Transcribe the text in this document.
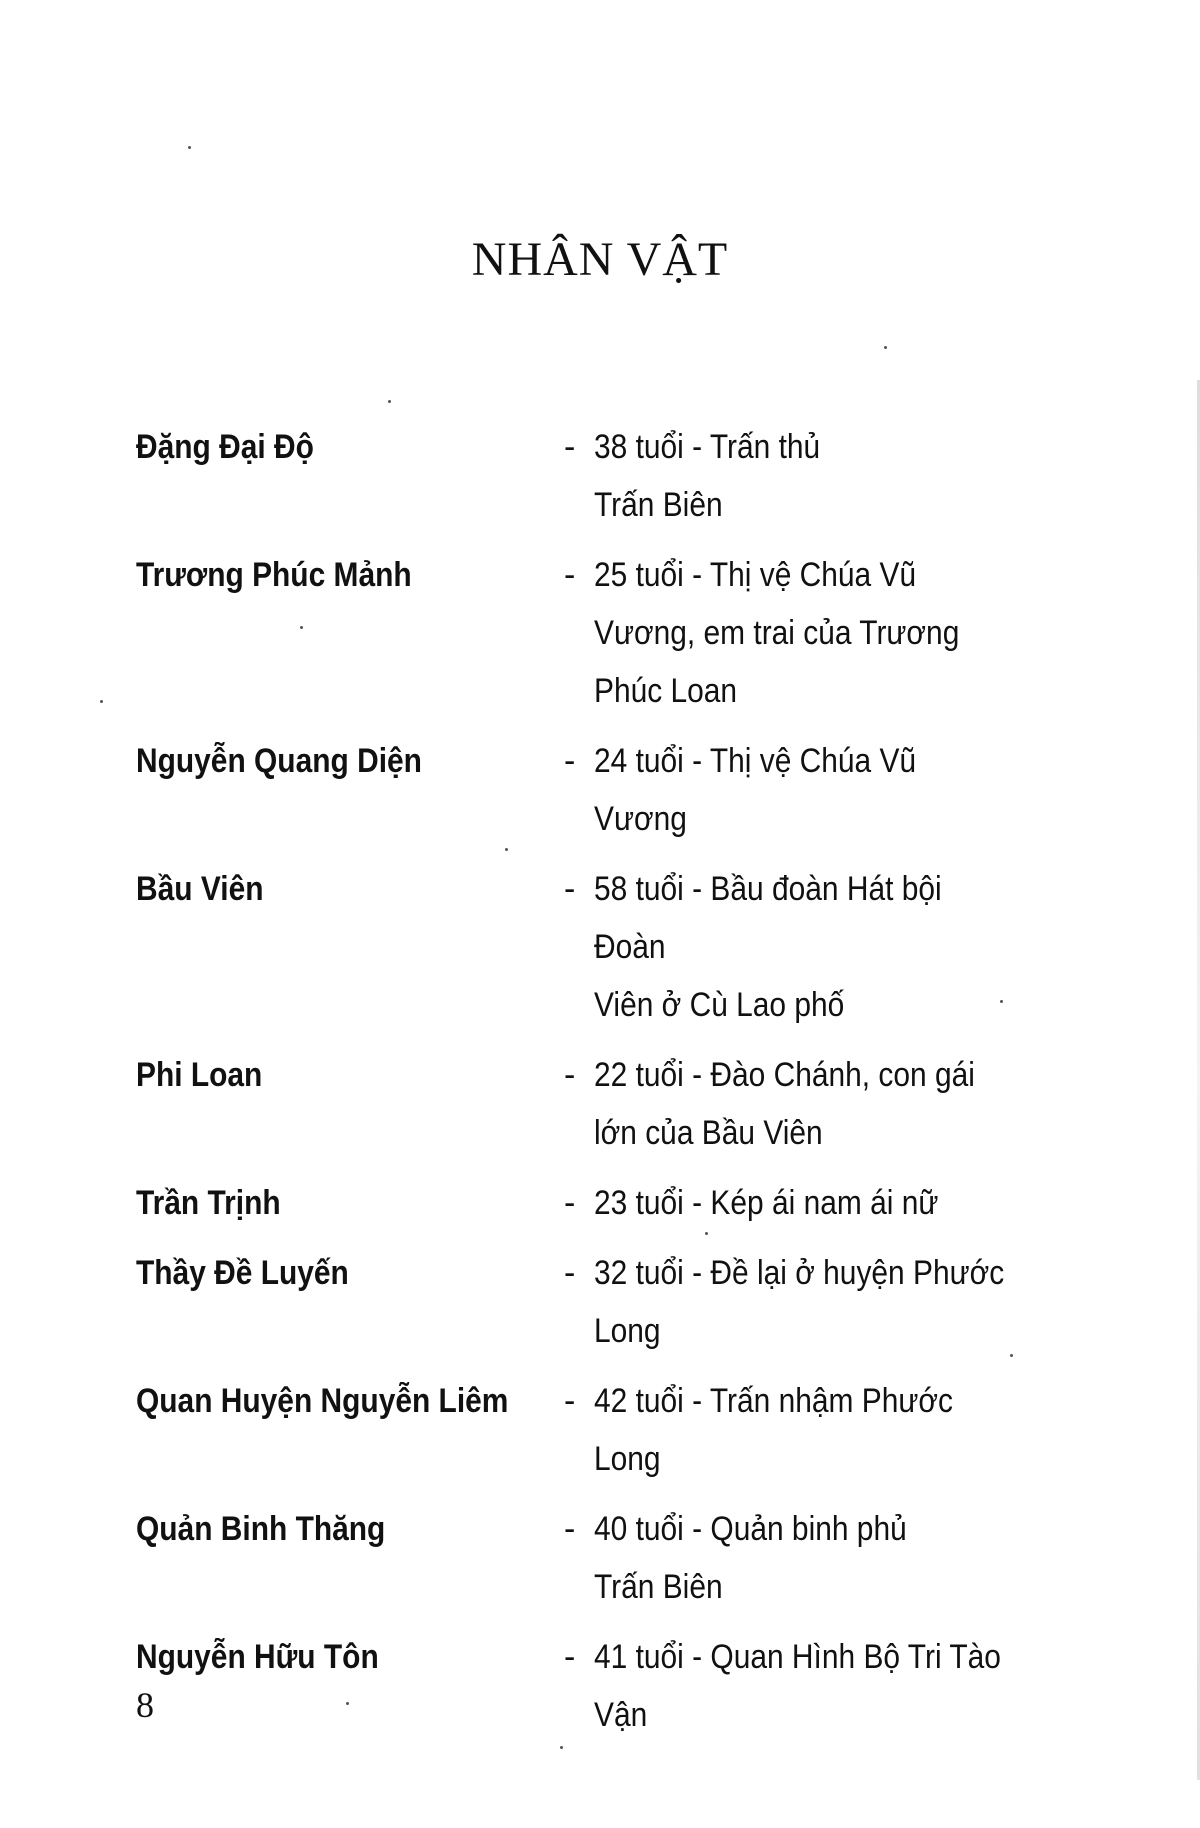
NHÂN VẬT
Đặng Đại Độ	- 38 tuổi - Trấn thủ
Trấn Biên
Trương Phúc Mảnh	- 25 tuổi - Thị vệ Chúa Vũ
Vương, em trai của Trương
Phúc Loan
Nguyễn Quang Diện	- 24 tuổi - Thị vệ Chúa Vũ Vương
Bầu Viên	- 58 tuổi - Bầu đoàn Hát bội Đoàn
Viên ở Cù Lao phố
Phi Loan	- 22 tuổi - Đào Chánh, con gái
lớn của Bầu Viên
Trần Trịnh	- 23 tuổi - Kép ái nam ái nữ
Thầy Đề Luyến	- 32 tuổi - Đề lại ở huyện Phước
Long
Quan Huyện Nguyễn Liêm - 42 tuổi - Trấn nhậm Phước
Long
Quản Binh Thăng	- 40 tuổi - Quản binh phủ
Trấn Biên
Nguyễn Hữu Tôn	- 41 tuổi - Quan Hình Bộ Tri Tào
Vận
8
